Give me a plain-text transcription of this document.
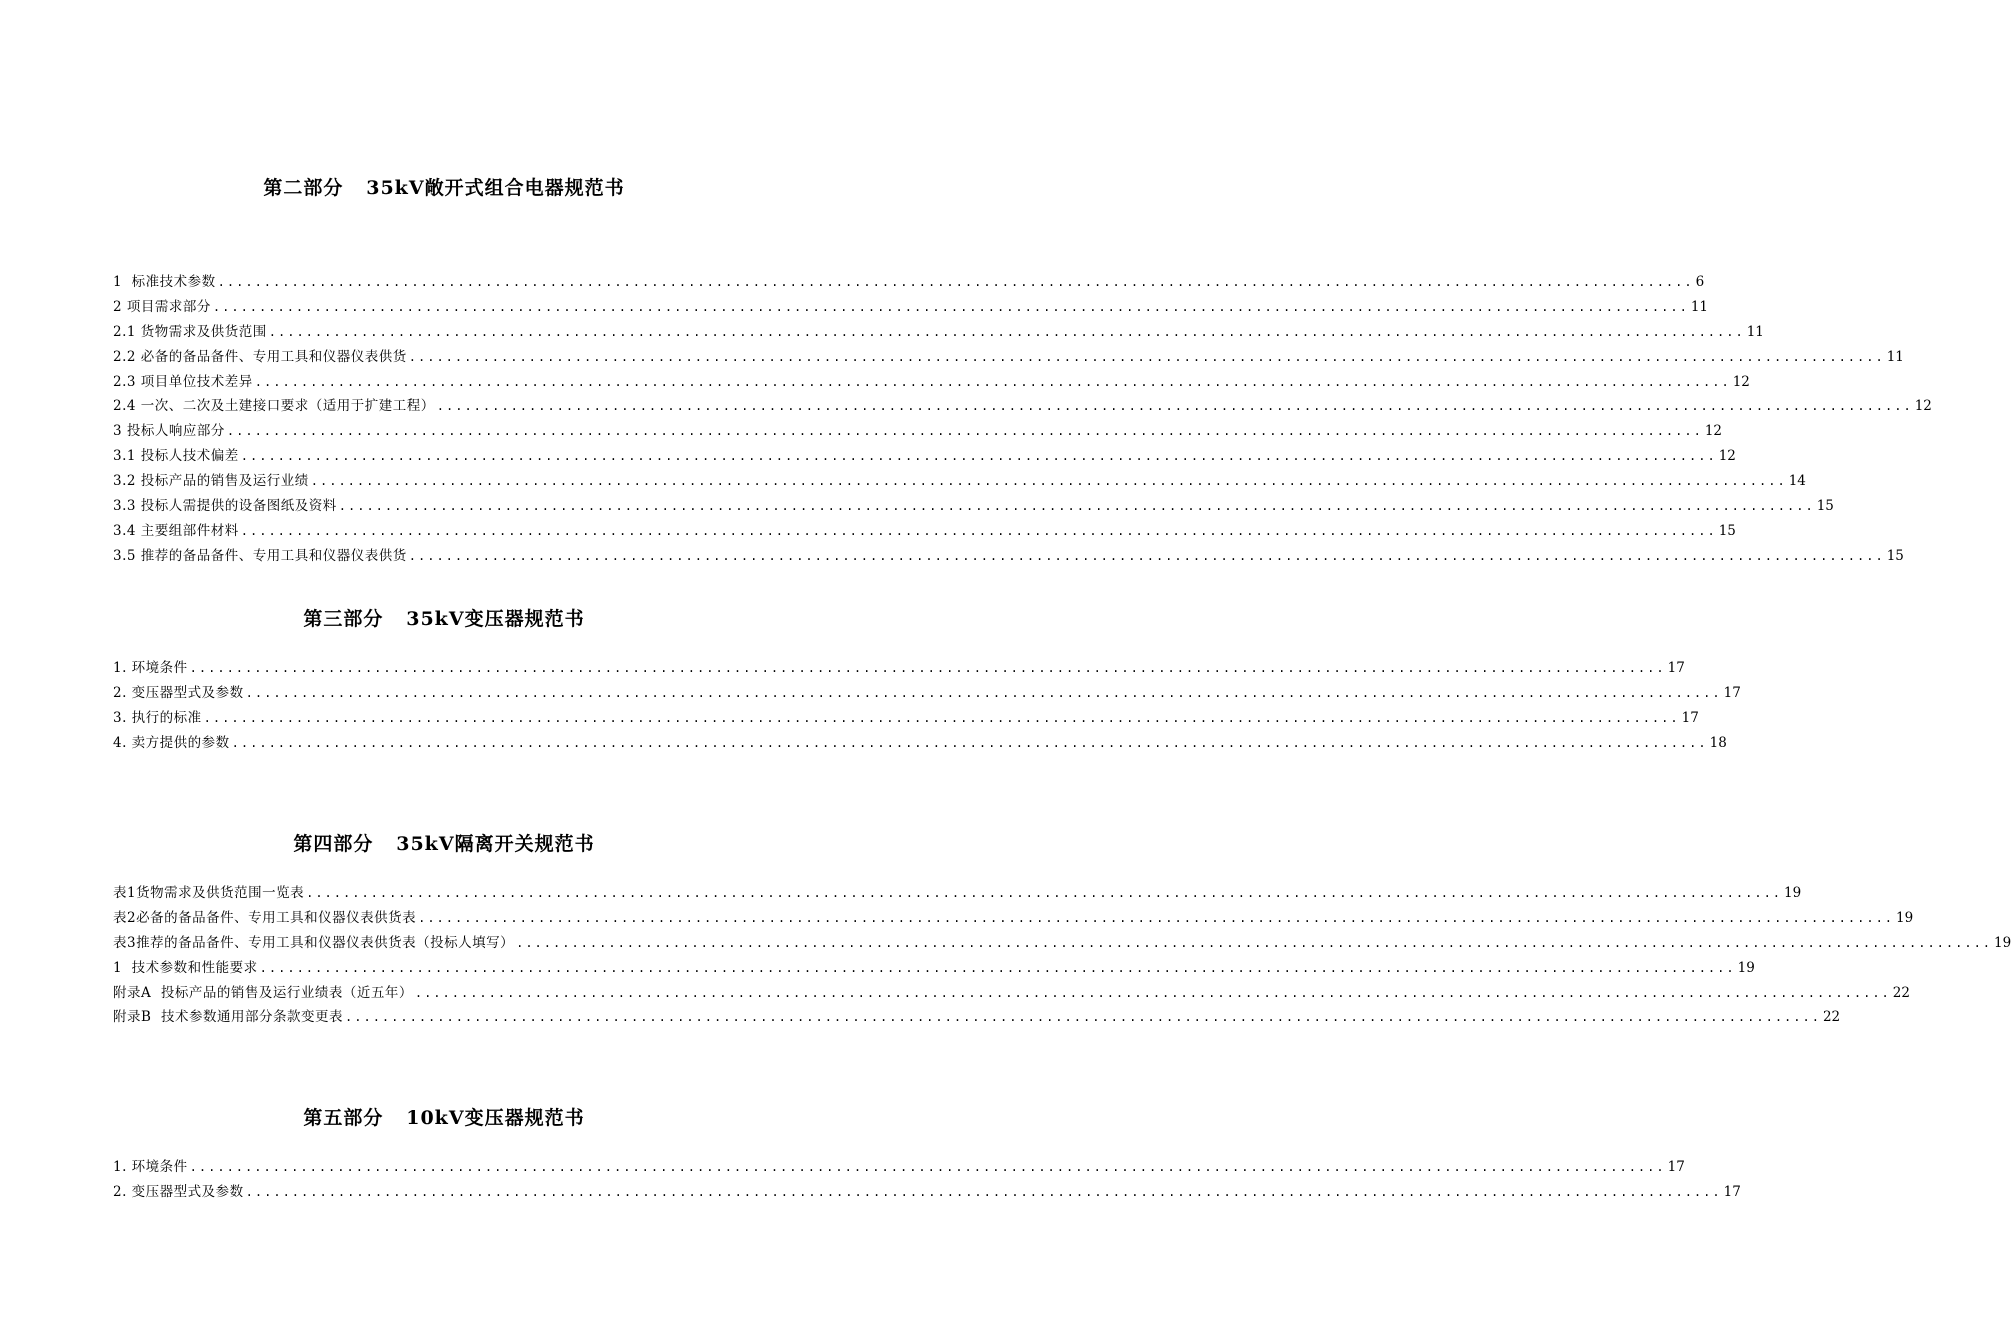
第二部分   35kV敞开式组合电器规范书
1  标准技术参数 ................................................................................................................................................................ 6
2 项目需求部分 ................................................................................................................................................................ 11
2.1 货物需求及供货范围 ................................................................................................................................................................ 11
2.2 必备的备品备件、专用工具和仪器仪表供货 ................................................................................................................................................................ 11
2.3 项目单位技术差异 ................................................................................................................................................................ 12
2.4 一次、二次及土建接口要求（适用于扩建工程） ................................................................................................................................................................ 12
3 投标人响应部分 ................................................................................................................................................................ 12
3.1 投标人技术偏差 ................................................................................................................................................................ 12
3.2 投标产品的销售及运行业绩 ................................................................................................................................................................ 14
3.3 投标人需提供的设备图纸及资料 ................................................................................................................................................................ 15
3.4 主要组部件材料 ................................................................................................................................................................ 15
3.5 推荐的备品备件、专用工具和仪器仪表供货 ................................................................................................................................................................ 15
第三部分   35kV变压器规范书
1. 环境条件 ................................................................................................................................................................ 17
2. 变压器型式及参数 ................................................................................................................................................................ 17
3. 执行的标准 ................................................................................................................................................................ 17
4. 卖方提供的参数 ................................................................................................................................................................ 18
第四部分   35kV隔离开关规范书
表1货物需求及供货范围一览表 ................................................................................................................................................................ 19
表2必备的备品备件、专用工具和仪器仪表供货表 ................................................................................................................................................................ 19
表3推荐的备品备件、专用工具和仪器仪表供货表（投标人填写） ................................................................................................................................................................ 19
1  技术参数和性能要求 ................................................................................................................................................................ 19
附录A  投标产品的销售及运行业绩表（近五年） ................................................................................................................................................................ 22
附录B  技术参数通用部分条款变更表 ................................................................................................................................................................ 22
第五部分   10kV变压器规范书
1. 环境条件 ................................................................................................................................................................ 17
2. 变压器型式及参数 ................................................................................................................................................................ 17
